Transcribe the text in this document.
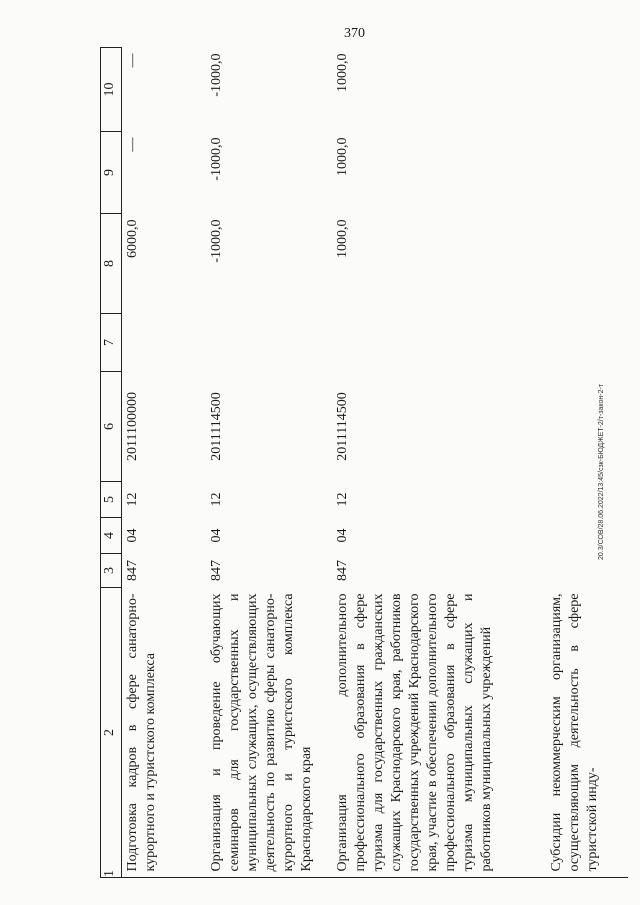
370
20.3/СОВ/28.06.2022/13:45/сзк-БЮДЖЕТ-2/т-закон-2-т
1	2	3	4	5	6	7	8	9	10
	Подготовка кадров в сфере санаторно-курортного и туристского комплекса	847	04	12	2011100000		6000,0	—	—
	Организация и проведение обучающих семинаров для государственных и муниципальных служащих, осуществляющих деятельность по развитию сферы санаторно-курортного и туристского комплекса Краснодарского края	847	04	12	2011114500		-1000,0	-1000,0	-1000,0
	Организация дополнительного профессионального образования в сфере туризма для государственных гражданских служащих Краснодарского края, работников государственных учреждений Краснодарского края, участие в обеспечении дополнительного профессионального образования в сфере туризма муниципальных служащих и работников муниципальных учреждений	847	04	12	2011114500		1000,0	1000,0	1000,0
	Субсидии некоммерческим организациям, осуществляющим деятельность в сфере туристской инду-								
